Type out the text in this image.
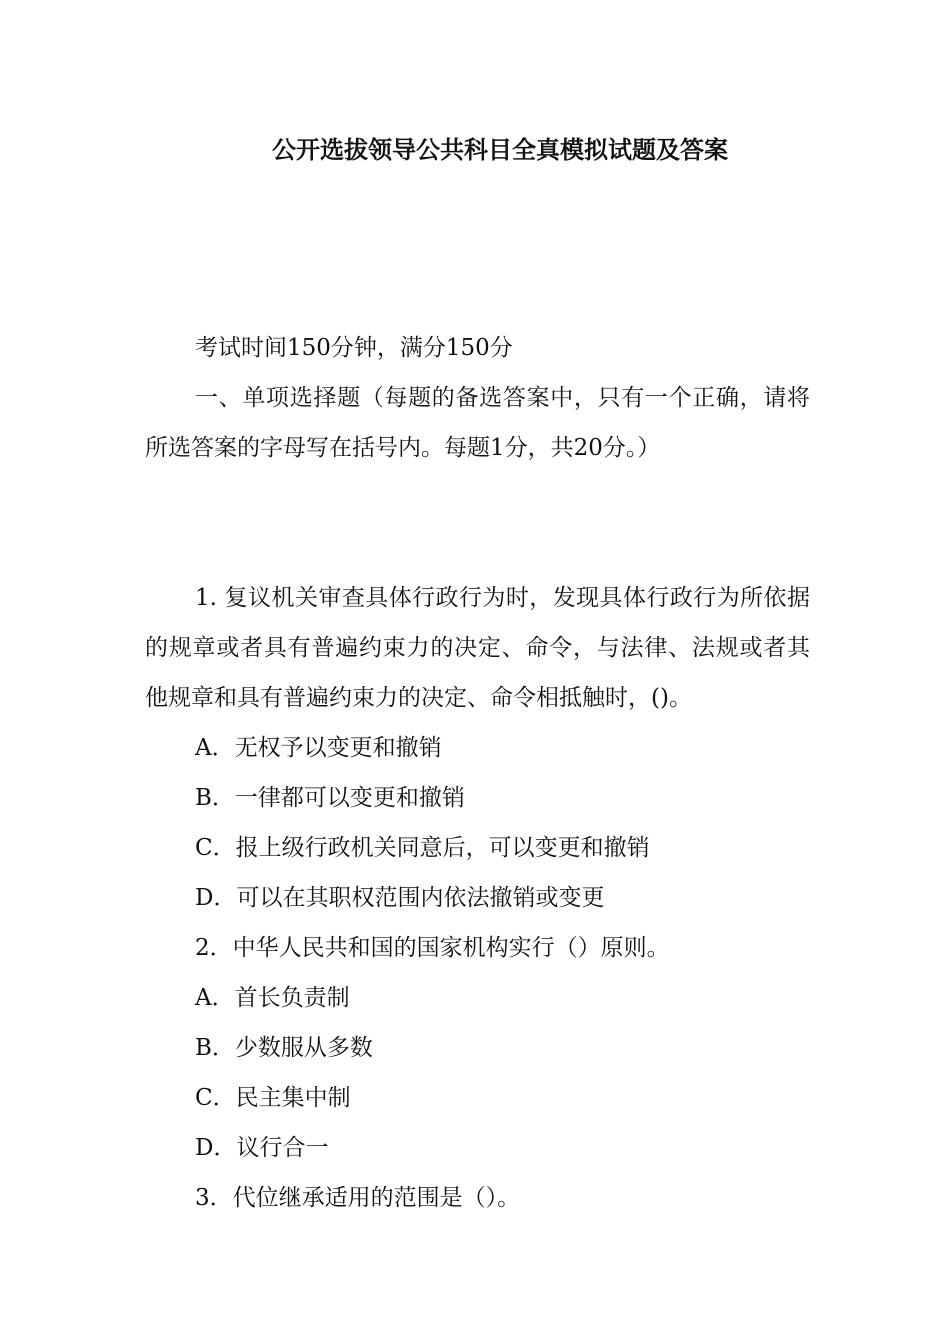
公开选拔领导公共科目全真模拟试题及答案
考试时间150分钟，满分150分
一、单项选择题（每题的备选答案中，只有一个正确，请将所选答案的字母写在括号内。每题1分，共20分。）
1. 复议机关审查具体行政行为时，发现具体行政行为所依据的规章或者具有普遍约束力的决定、命令，与法律、法规或者其他规章和具有普遍约束力的决定、命令相抵触时，()。
A．无权予以变更和撤销
B．一律都可以变更和撤销
C．报上级行政机关同意后，可以变更和撤销
D．可以在其职权范围内依法撤销或变更
2．中华人民共和国的国家机构实行（）原则。
A．首长负责制
B．少数服从多数
C．民主集中制
D．议行合一
3．代位继承适用的范围是（）。
